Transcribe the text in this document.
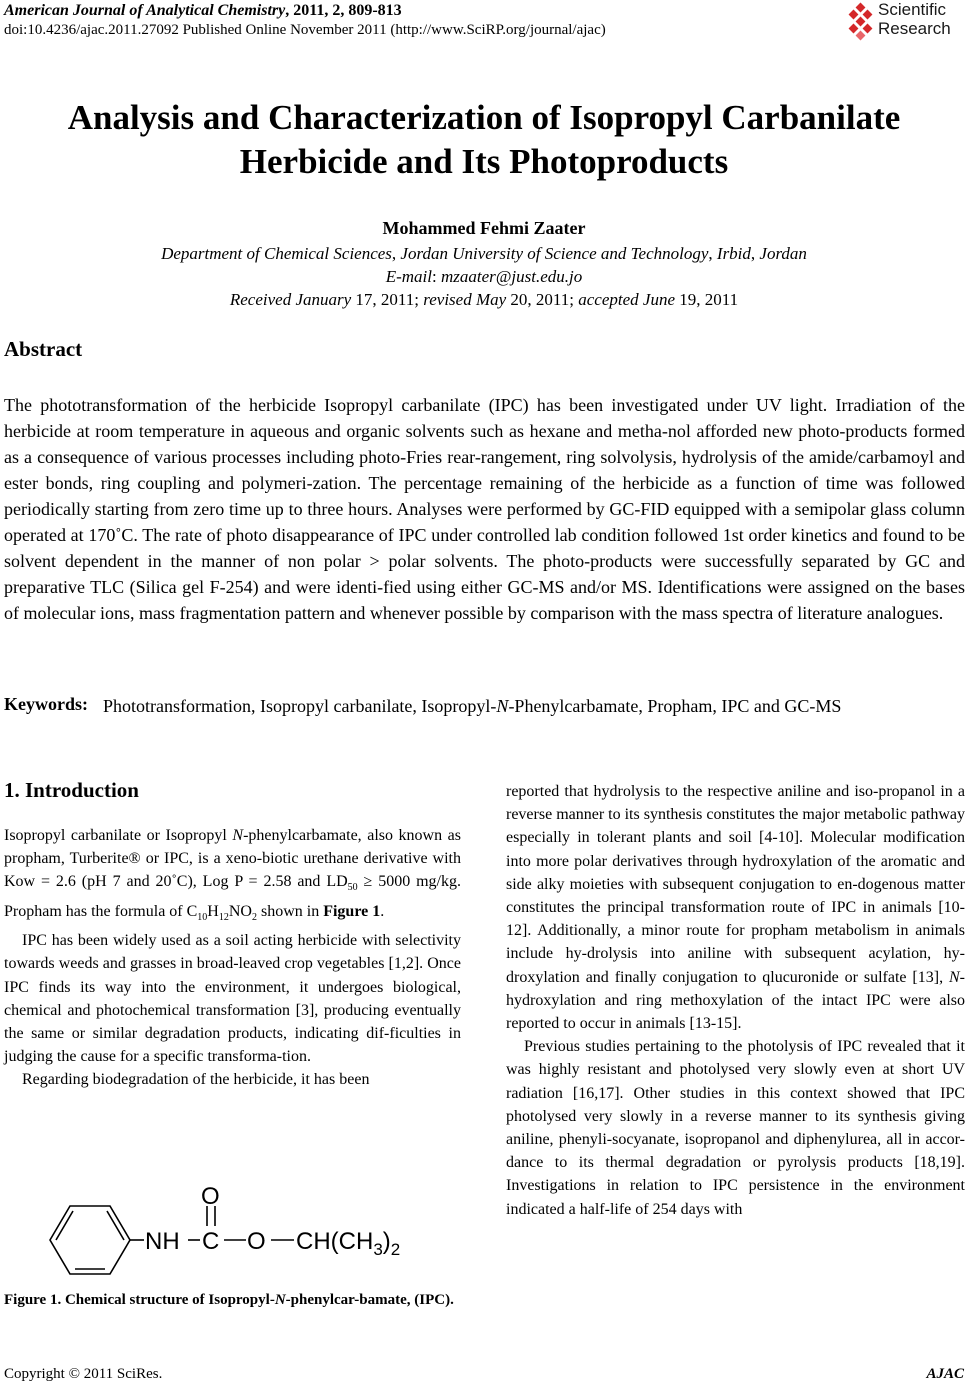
American Journal of Analytical Chemistry, 2011, 2, 809-813
doi:10.4236/ajac.2011.27092 Published Online November 2011 (http://www.SciRP.org/journal/ajac)
Scientific
Research
Analysis and Characterization of Isopropyl Carbanilate
Herbicide and Its Photoproducts
Mohammed Fehmi Zaater
Department of Chemical Sciences, Jordan University of Science and Technology, Irbid, Jordan
E-mail: mzaater@just.edu.jo
Received January 17, 2011; revised May 20, 2011; accepted June 19, 2011
Abstract
The phototransformation of the herbicide Isopropyl carbanilate (IPC) has been investigated under UV light. Irradiation of the herbicide at room temperature in aqueous and organic solvents such as hexane and metha-nol afforded new photo-products formed as a consequence of various processes including photo-Fries rear-rangement, ring solvolysis, hydrolysis of the amide/carbamoyl and ester bonds, ring coupling and polymeri-zation. The percentage remaining of the herbicide as a function of time was followed periodically starting from zero time up to three hours. Analyses were performed by GC-FID equipped with a semipolar glass column operated at 170˚C. The rate of photo disappearance of IPC under controlled lab condition followed 1st order kinetics and found to be solvent dependent in the manner of non polar > polar solvents. The photo-products were successfully separated by GC and preparative TLC (Silica gel F-254) and were identi-fied using either GC-MS and/or MS. Identifications were assigned on the bases of molecular ions, mass fragmentation pattern and whenever possible by comparison with the mass spectra of literature analogues.
Keywords: Phototransformation, Isopropyl carbanilate, Isopropyl-N-Phenylcarbamate, Propham, IPC and GC-MS
1. Introduction

Isopropyl carbanilate or Isopropyl N-phenylcarbamate, also known as propham, Turberite® or IPC, is a xeno-biotic urethane derivative with Kow = 2.6 (pH 7 and 20˚C), Log P = 2.58 and $LD_{50} \ge 5000$ mg/kg. Propham has the formula of $C_{10}H_{12}NO_2$ shown in Figure 1.

IPC has been widely used as a soil acting herbicide with selectivity towards weeds and grasses in broad-leaved crop vegetables [1,2]. Once IPC finds its way into the environment, it undergoes biological, chemical and photochemical transformation [3], producing eventually the same or similar degradation products, indicating dif-ficulties in judging the cause for a specific transforma-tion.

Regarding biodegradation of the herbicide, it has been

reported that hydrolysis to the respective aniline and iso-propanol in a reverse manner to its synthesis constitutes the major metabolic pathway especially in tolerant plants and soil [4-10]. Molecular modification into more polar derivatives through hydroxylation of the aromatic and side alky moieties with subsequent conjugation to en-dogenous matter constitutes the principal transformation route of IPC in animals [10-12]. Additionally, a minor route for propham metabolism in animals include hy-drolysis into aniline with subsequent acylation, hy-droxylation and finally conjugation to qlucuronide or sulfate [13], N-hydroxylation and ring methoxylation of the intact IPC were also reported to occur in animals [13-15].

Previous studies pertaining to the photolysis of IPC revealed that it was highly resistant and photolysed very slowly even at short UV radiation [16,17]. Other studies in this context showed that IPC photolysed very slowly in a reverse manner to its synthesis giving aniline, phenyli-socyanate, isopropanol and diphenylurea, all in accor-dance to its thermal degradation or pyrolysis products [18,19]. Investigations in relation to IPC persistence in the environment indicated a half-life of 254 days with

O
NH C O $CH(CH_3)_2$
Figure 1. Chemical structure of Isopropyl-N-phenylcar-bamate, (IPC).
Copyright © 2011 SciRes.	AJAC
